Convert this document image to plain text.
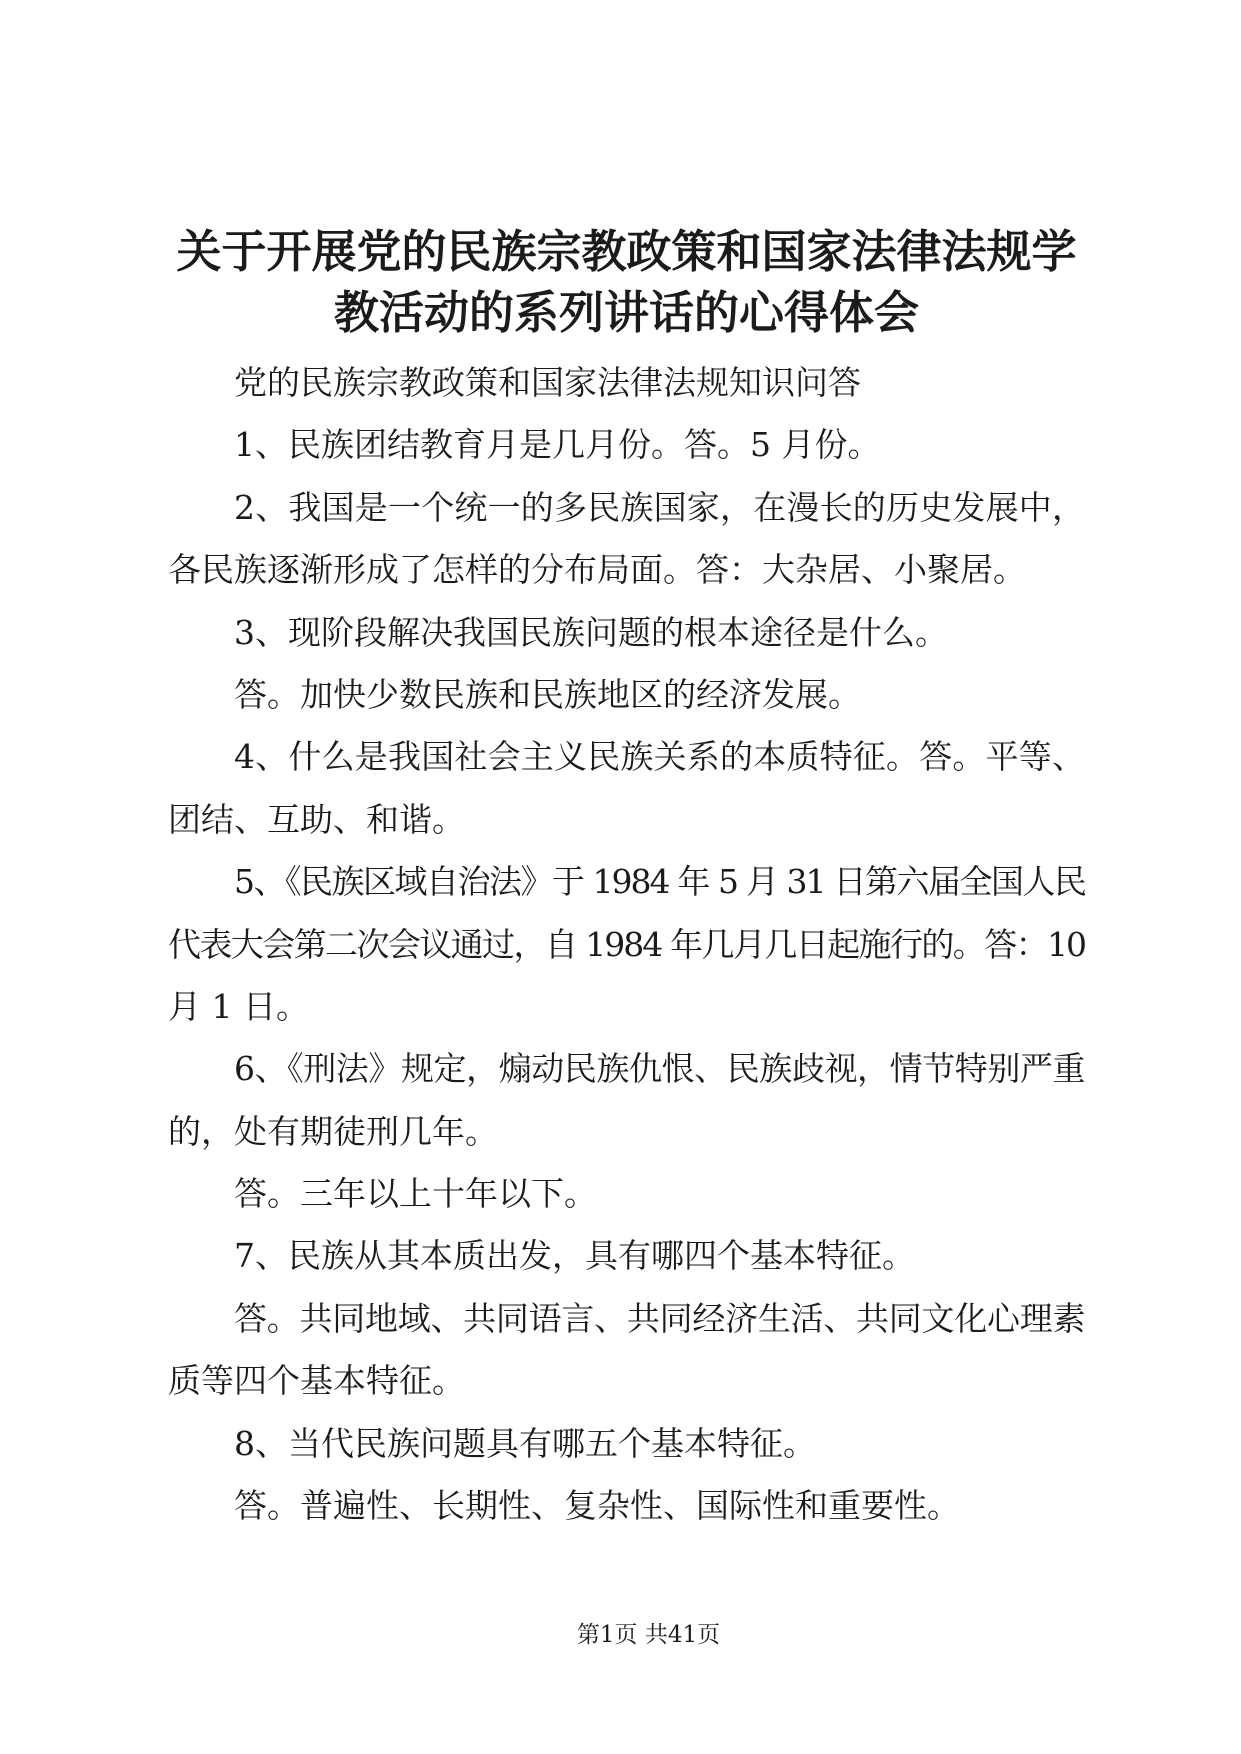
关于开展党的民族宗教政策和国家法律法规学
教活动的系列讲话的心得体会
党的民族宗教政策和国家法律法规知识问答
1、民族团结教育月是几月份。答。5 月份。
2、我国是一个统一的多民族国家，在漫长的历史发展中，
各民族逐渐形成了怎样的分布局面。答：大杂居、小聚居。
3、现阶段解决我国民族问题的根本途径是什么。
答。加快少数民族和民族地区的经济发展。
4、什么是我国社会主义民族关系的本质特征。答。平等、
团结、互助、和谐。
5、《民族区域自治法》于 1984 年 5 月 31 日第六届全国人民
代表大会第二次会议通过，自 1984 年几月几日起施行的。答：10
月 1 日。
6、《刑法》规定，煽动民族仇恨、民族歧视，情节特别严重
的，处有期徒刑几年。
答。三年以上十年以下。
7、民族从其本质出发，具有哪四个基本特征。
答。共同地域、共同语言、共同经济生活、共同文化心理素
质等四个基本特征。
8、当代民族问题具有哪五个基本特征。
答。普遍性、长期性、复杂性、国际性和重要性。
第1页 共41页
